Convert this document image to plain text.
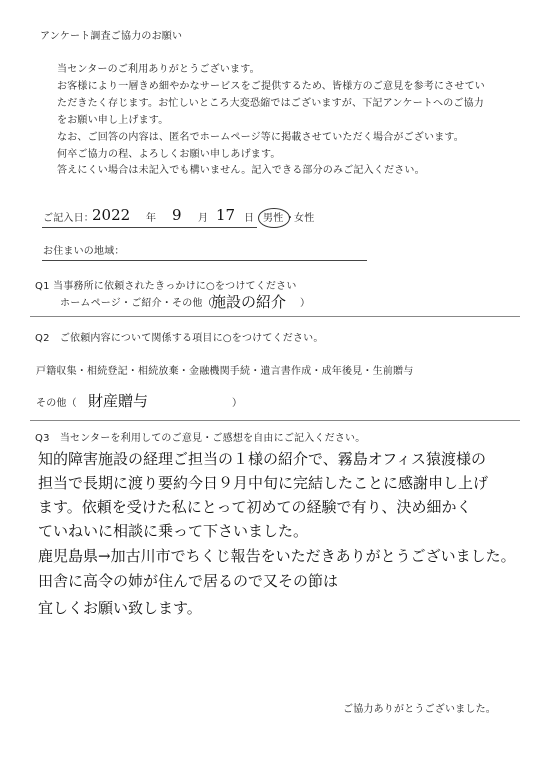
アンケート調査ご協力のお願い
当センターのご利用ありがとうございます。
お客様により一層きめ細やかなサービスをご提供するため、皆様方のご意見を参考にさせてい
ただきたく存じます。お忙しいところ大変恐縮ではございますが、下記アンケートへのご協力
をお願い申し上げます。
なお、ご回答の内容は、匿名でホームページ等に掲載させていただく場合がございます。
何卒ご協力の程、よろしくお願い申しあげます。
答えにくい場合は未記入でも構いません。記入できる部分のみご記入ください。
ご記入日：
2022 年 9 月 17 日 男性 ・
女性
お住まいの地域：
Q1 当事務所に依頼されたきっかけに○をつけてください
ホームページ・ご紹介・その他（
施設の紹介 ）
Q2　ご依頼内容について関係する項目に○をつけてください。
戸籍収集・相続登記・相続放棄・金融機関手続・遺言書作成・成年後見・生前贈与
その他（ 財産贈与	）
Q3　当センターを利用してのご意見・ご感想を自由にご記入ください。
知的障害施設の経理ご担当の１様の紹介で、霧島オフィス猿渡様の
担当で長期に渡り要約今日９月中旬に完結したことに感謝申し上げ
ます。依頼を受けた私にとって初めての経験で有り、決め細かく
ていねいに相談に乗って下さいました。
鹿児島県→加古川市でちくじ報告をいただきありがとうございました。
田舎に高令の姉が住んで居るので又その節は
宜しくお願い致します。
ご協力ありがとうございました。
